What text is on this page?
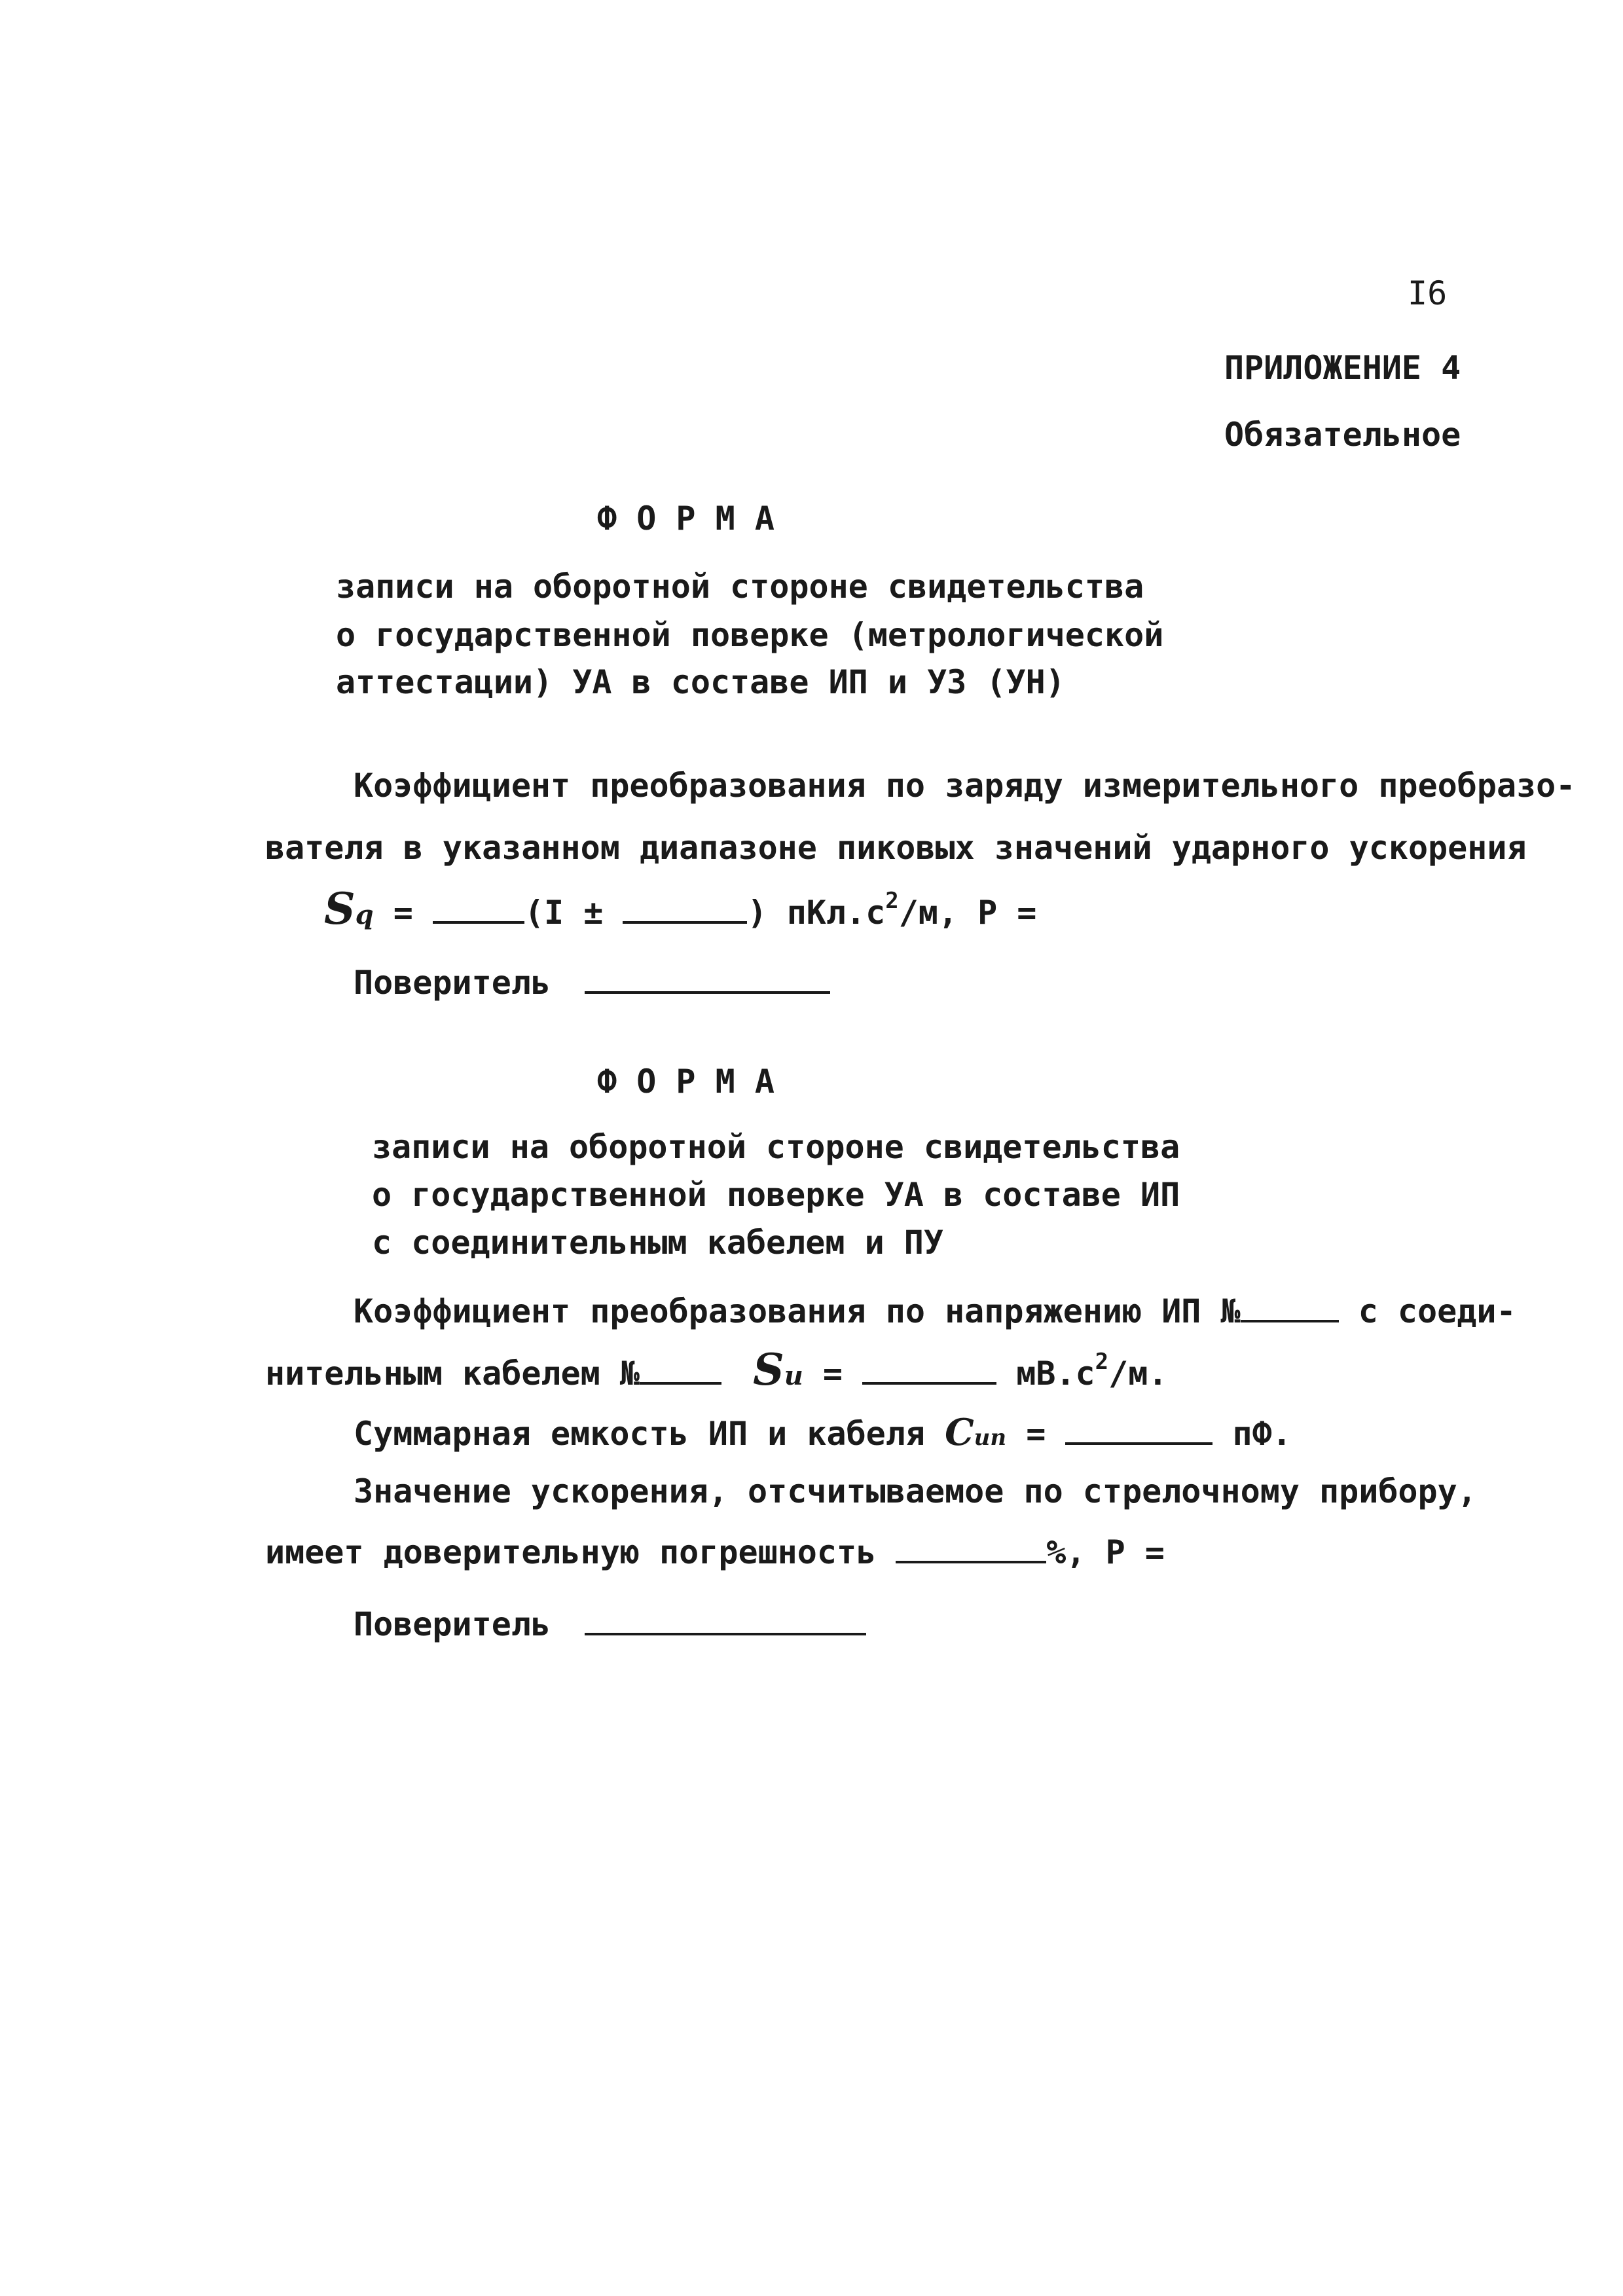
I6
ПРИЛОЖЕНИЕ 4
Обязательное
Ф О Р М А
записи на оборотной стороне свидетельства
о государственной поверке (метрологической
аттестации) УА в составе ИП и УЗ (УН)
Коэффициент преобразования по заряду измерительного преобразо-
вателя в указанном диапазоне пиковых значений ударного ускорения
Sq =	(I ±	) $пКл.с^2/м$, Р =
Поверитель
Ф О Р М А
записи на оборотной стороне свидетельства
о государственной поверке УА в составе ИП
с соединительным кабелем и ПУ
Коэффициент преобразования по напряжению ИП №	с соеди-
нительным кабелем №	Su =	$мВ.с^2/м$.
Суммарная емкость ИП и кабеля Cип =	пФ.
Значение ускорения, отсчитываемое по стрелочному прибору,
имеет доверительную погрешность	%, Р =
Поверитель
